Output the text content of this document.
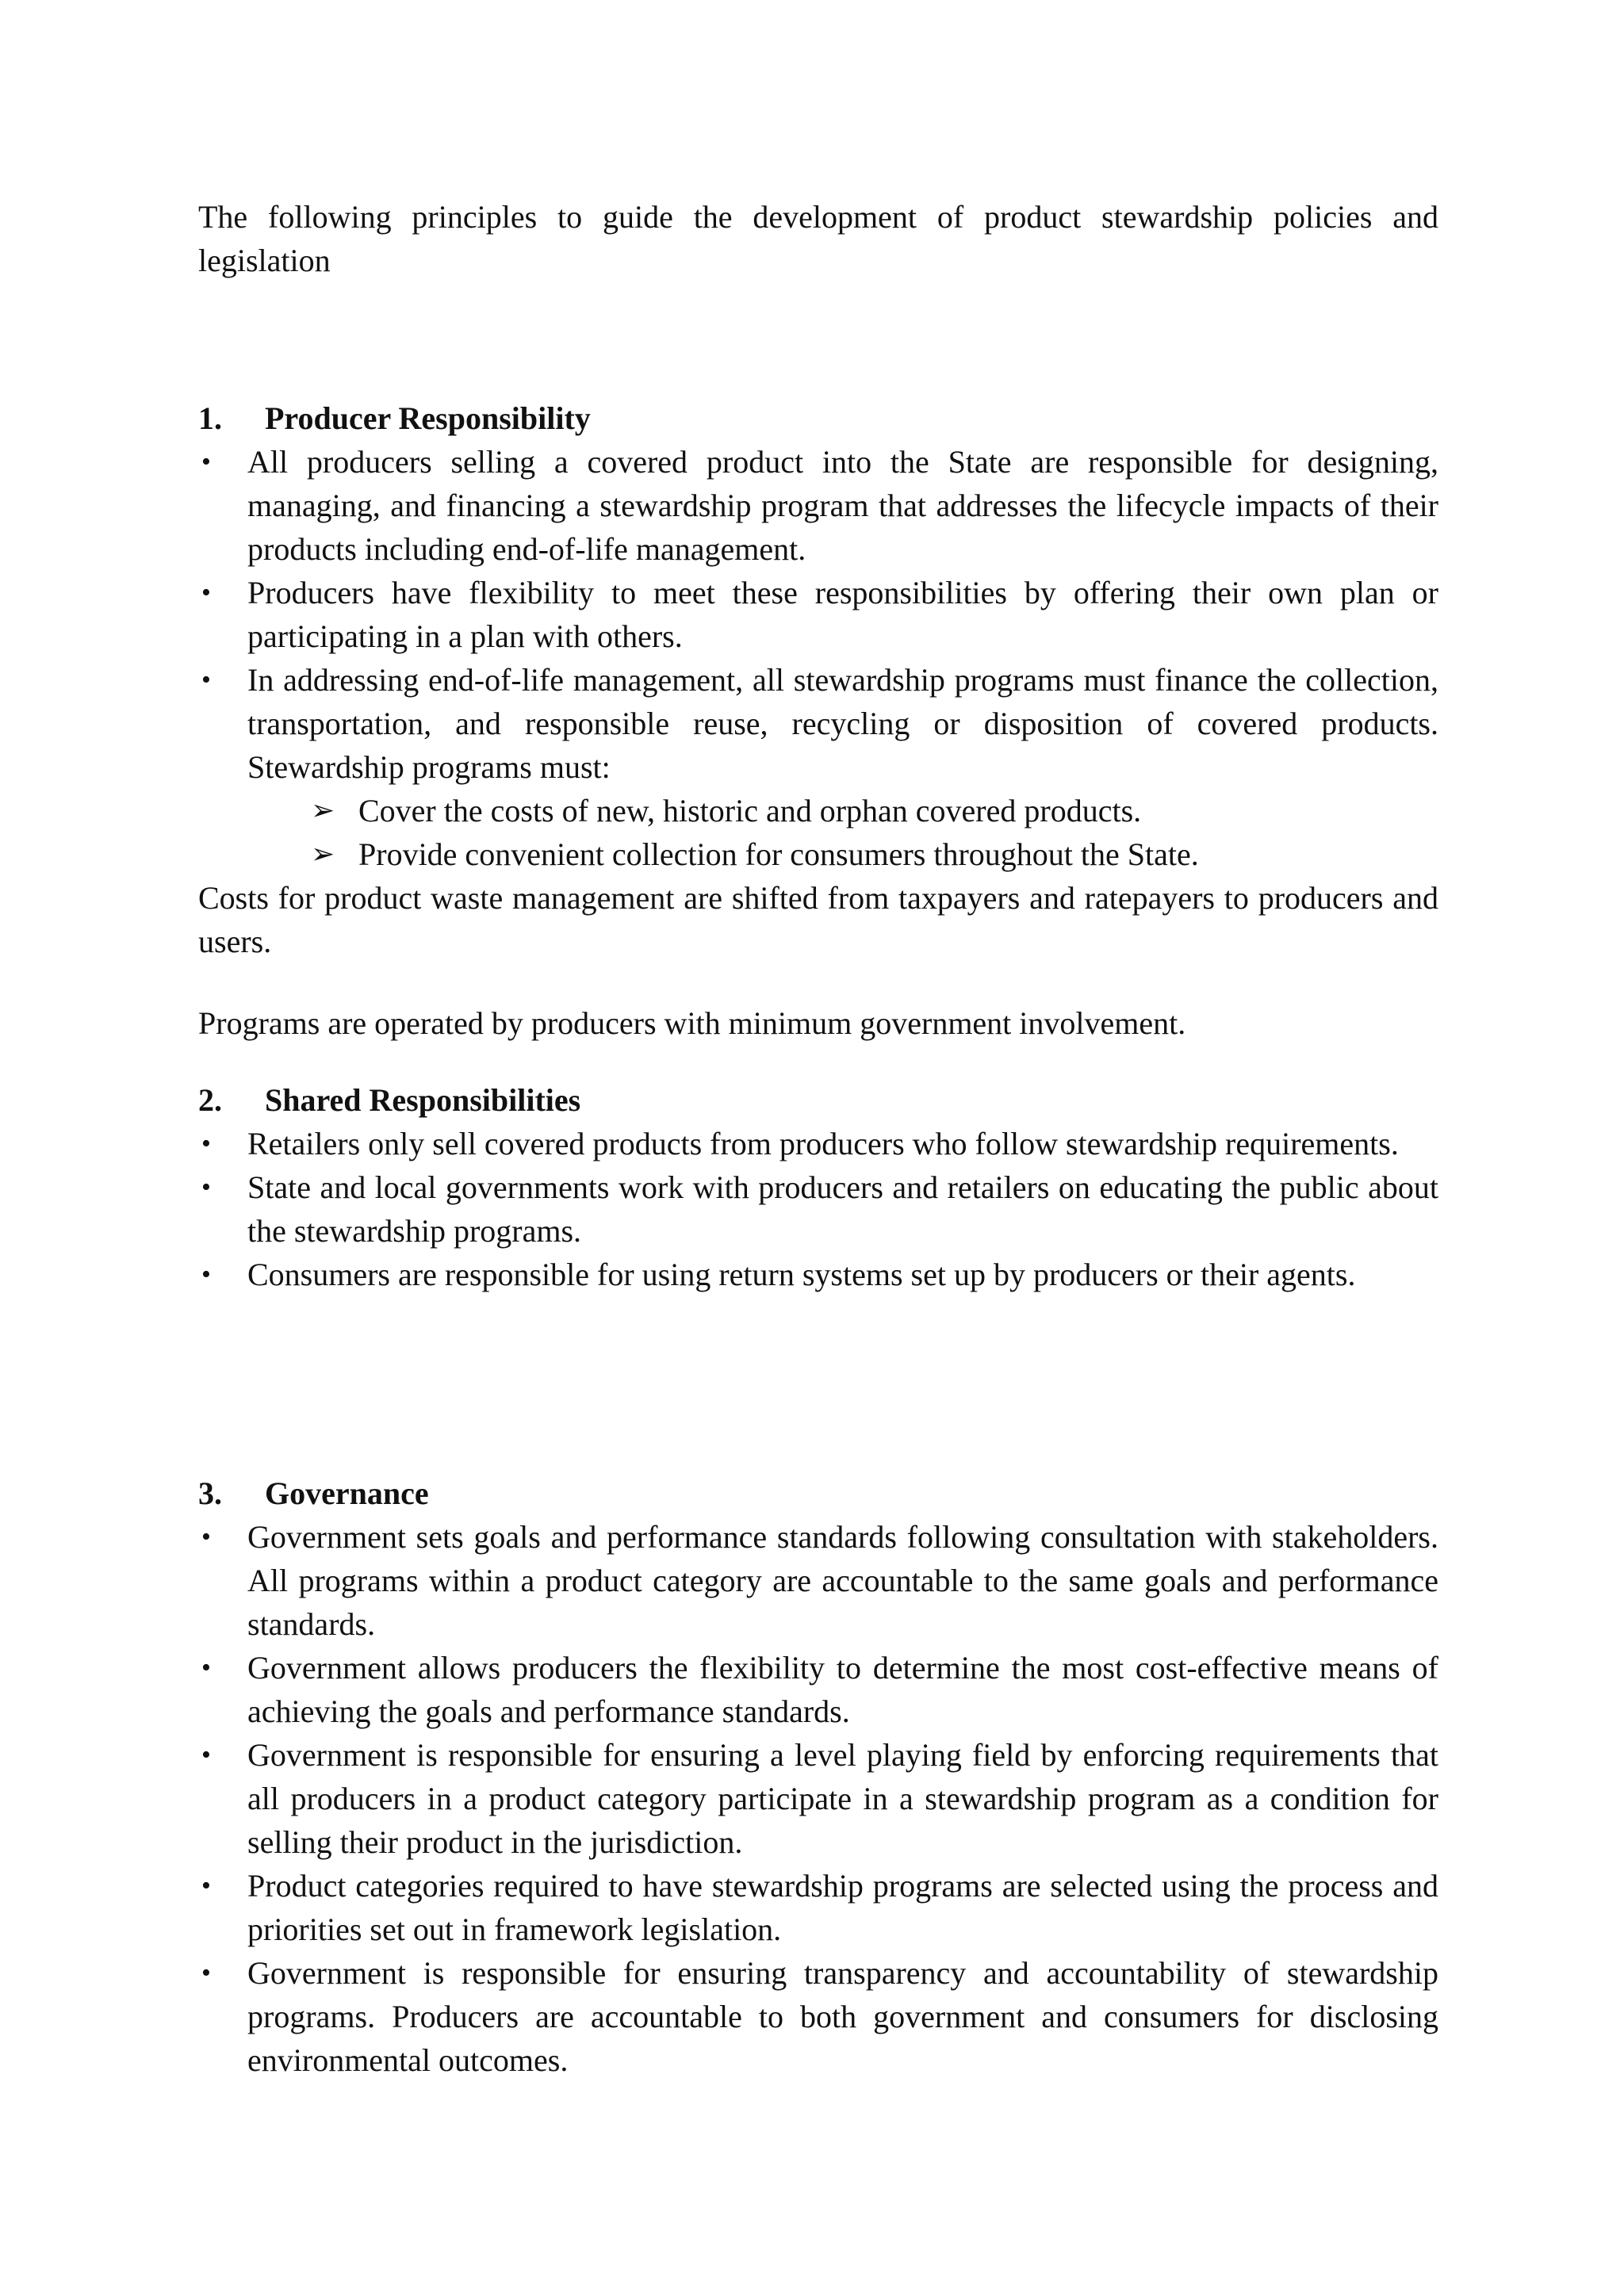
The following principles to guide the development of product stewardship policies and legislation

1. Producer Responsibility
• All producers selling a covered product into the State are responsible for designing, managing, and financing a stewardship program that addresses the lifecycle impacts of their products including end-of-life management.
• Producers have flexibility to meet these responsibilities by offering their own plan or participating in a plan with others.
• In addressing end-of-life management, all stewardship programs must finance the collection, transportation, and responsible reuse, recycling or disposition of covered products. Stewardship programs must:
➢ Cover the costs of new, historic and orphan covered products.
➢ Provide convenient collection for consumers throughout the State.

Costs for product waste management are shifted from taxpayers and ratepayers to producers and users.

Programs are operated by producers with minimum government involvement.

2. Shared Responsibilities
• Retailers only sell covered products from producers who follow stewardship requirements.
• State and local governments work with producers and retailers on educating the public about the stewardship programs.
• Consumers are responsible for using return systems set up by producers or their agents.
3. Governance
• Government sets goals and performance standards following consultation with stakeholders. All programs within a product category are accountable to the same goals and performance standards.
• Government allows producers the flexibility to determine the most cost-effective means of achieving the goals and performance standards.
• Government is responsible for ensuring a level playing field by enforcing requirements that all producers in a product category participate in a stewardship program as a condition for selling their product in the jurisdiction.
• Product categories required to have stewardship programs are selected using the process and priorities set out in framework legislation.
• Government is responsible for ensuring transparency and accountability of stewardship programs. Producers are accountable to both government and consumers for disclosing environmental outcomes.
